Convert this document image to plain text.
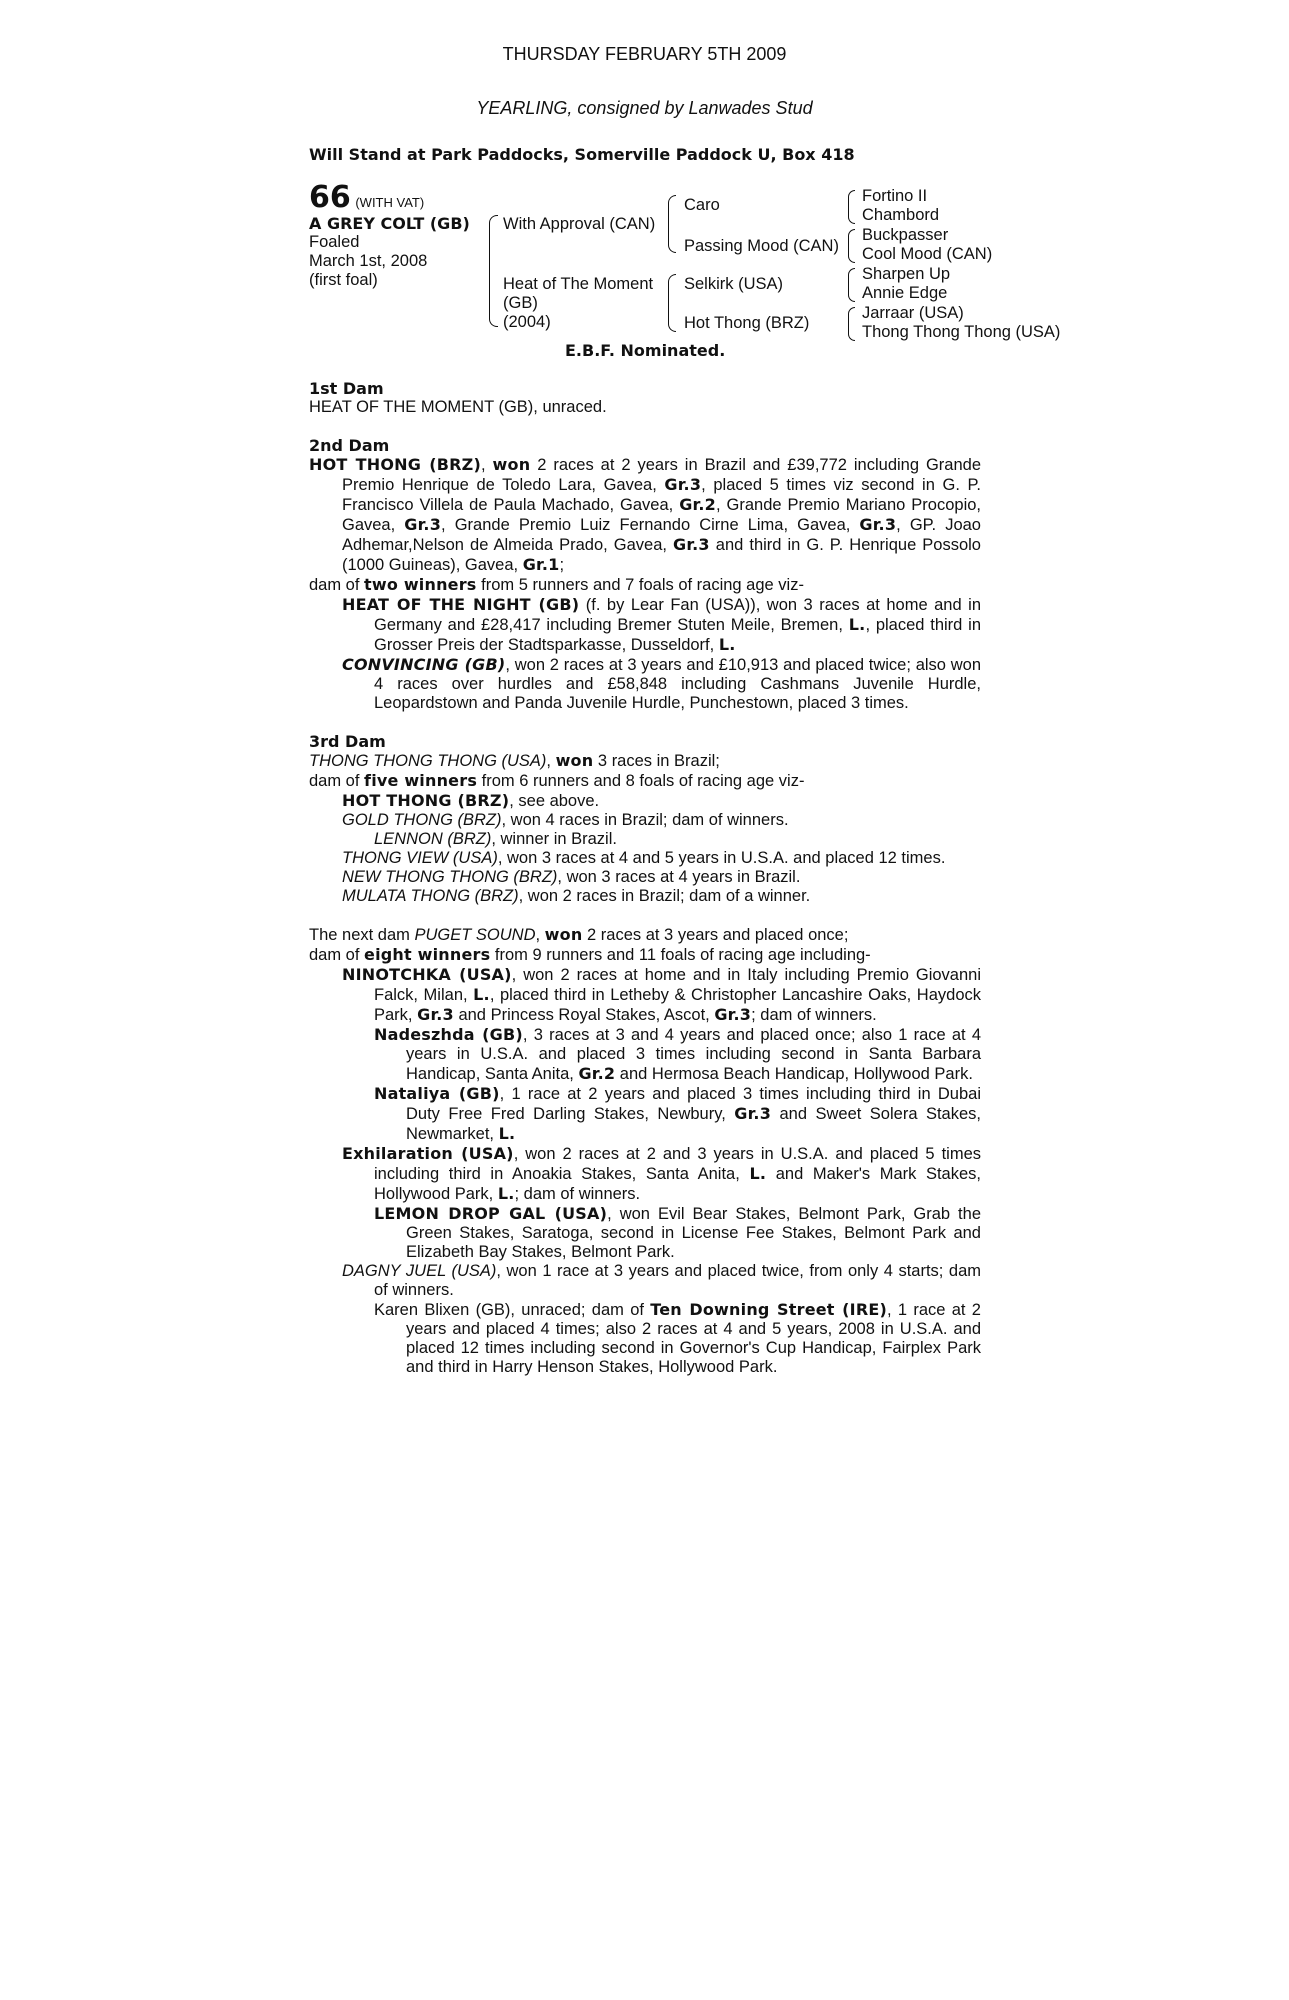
THURSDAY FEBRUARY 5TH 2009
YEARLING, consigned by Lanwades Stud
Will Stand at Park Paddocks, Somerville Paddock U, Box 418
66 (WITH VAT)
A GREY COLT (GB)
Foaled
March 1st, 2008
(first foal)
With Approval (CAN)
Heat of The Moment
(GB)
(2004)
Caro
Passing Mood (CAN)
Selkirk (USA)
Hot Thong (BRZ)
Fortino II
Chambord
Buckpasser
Cool Mood (CAN)
Sharpen Up
Annie Edge
Jarraar (USA)
Thong Thong Thong (USA)
E.B.F. Nominated.
1st Dam
HEAT OF THE MOMENT (GB), unraced.
2nd Dam

HOT THONG (BRZ), won 2 races at 2 years in Brazil and £39,772 including Grande Premio Henrique de Toledo Lara, Gavea, Gr.3, placed 5 times viz second in G. P. Francisco Villela de Paula Machado, Gavea, Gr.2, Grande Premio Mariano Procopio, Gavea, Gr.3, Grande Premio Luiz Fernando Cirne Lima, Gavea, Gr.3, GP. Joao Adhemar,Nelson de Almeida Prado, Gavea, Gr.3 and third in G. P. Henrique Possolo (1000 Guineas), Gavea, Gr.1;

dam of two winners from 5 runners and 7 foals of racing age viz-

HEAT OF THE NIGHT (GB) (f. by Lear Fan (USA)), won 3 races at home and in Germany and £28,417 including Bremer Stuten Meile, Bremen, L., placed third in Grosser Preis der Stadtsparkasse, Dusseldorf, L.

CONVINCING (GB), won 2 races at 3 years and £10,913 and placed twice; also won 4 races over hurdles and £58,848 including Cashmans Juvenile Hurdle, Leopardstown and Panda Juvenile Hurdle, Punchestown, placed 3 times.

3rd Dam

THONG THONG THONG (USA), won 3 races in Brazil;

dam of five winners from 6 runners and 8 foals of racing age viz-

HOT THONG (BRZ), see above.

GOLD THONG (BRZ), won 4 races in Brazil; dam of winners.

LENNON (BRZ), winner in Brazil.

THONG VIEW (USA), won 3 races at 4 and 5 years in U.S.A. and placed 12 times.

NEW THONG THONG (BRZ), won 3 races at 4 years in Brazil.

MULATA THONG (BRZ), won 2 races in Brazil; dam of a winner.

The next dam PUGET SOUND, won 2 races at 3 years and placed once;

dam of eight winners from 9 runners and 11 foals of racing age including-

NINOTCHKA (USA), won 2 races at home and in Italy including Premio Giovanni Falck, Milan, L., placed third in Letheby & Christopher Lancashire Oaks, Haydock Park, Gr.3 and Princess Royal Stakes, Ascot, Gr.3; dam of winners.

Nadeszhda (GB), 3 races at 3 and 4 years and placed once; also 1 race at 4 years in U.S.A. and placed 3 times including second in Santa Barbara Handicap, Santa Anita, Gr.2 and Hermosa Beach Handicap, Hollywood Park.

Nataliya (GB), 1 race at 2 years and placed 3 times including third in Dubai Duty Free Fred Darling Stakes, Newbury, Gr.3 and Sweet Solera Stakes, Newmarket, L.

Exhilaration (USA), won 2 races at 2 and 3 years in U.S.A. and placed 5 times including third in Anoakia Stakes, Santa Anita, L. and Maker's Mark Stakes, Hollywood Park, L.; dam of winners.

LEMON DROP GAL (USA), won Evil Bear Stakes, Belmont Park, Grab the Green Stakes, Saratoga, second in License Fee Stakes, Belmont Park and Elizabeth Bay Stakes, Belmont Park.

DAGNY JUEL (USA), won 1 race at 3 years and placed twice, from only 4 starts; dam of winners.

Karen Blixen (GB), unraced; dam of Ten Downing Street (IRE), 1 race at 2 years and placed 4 times; also 2 races at 4 and 5 years, 2008 in U.S.A. and placed 12 times including second in Governor's Cup Handicap, Fairplex Park and third in Harry Henson Stakes, Hollywood Park.
